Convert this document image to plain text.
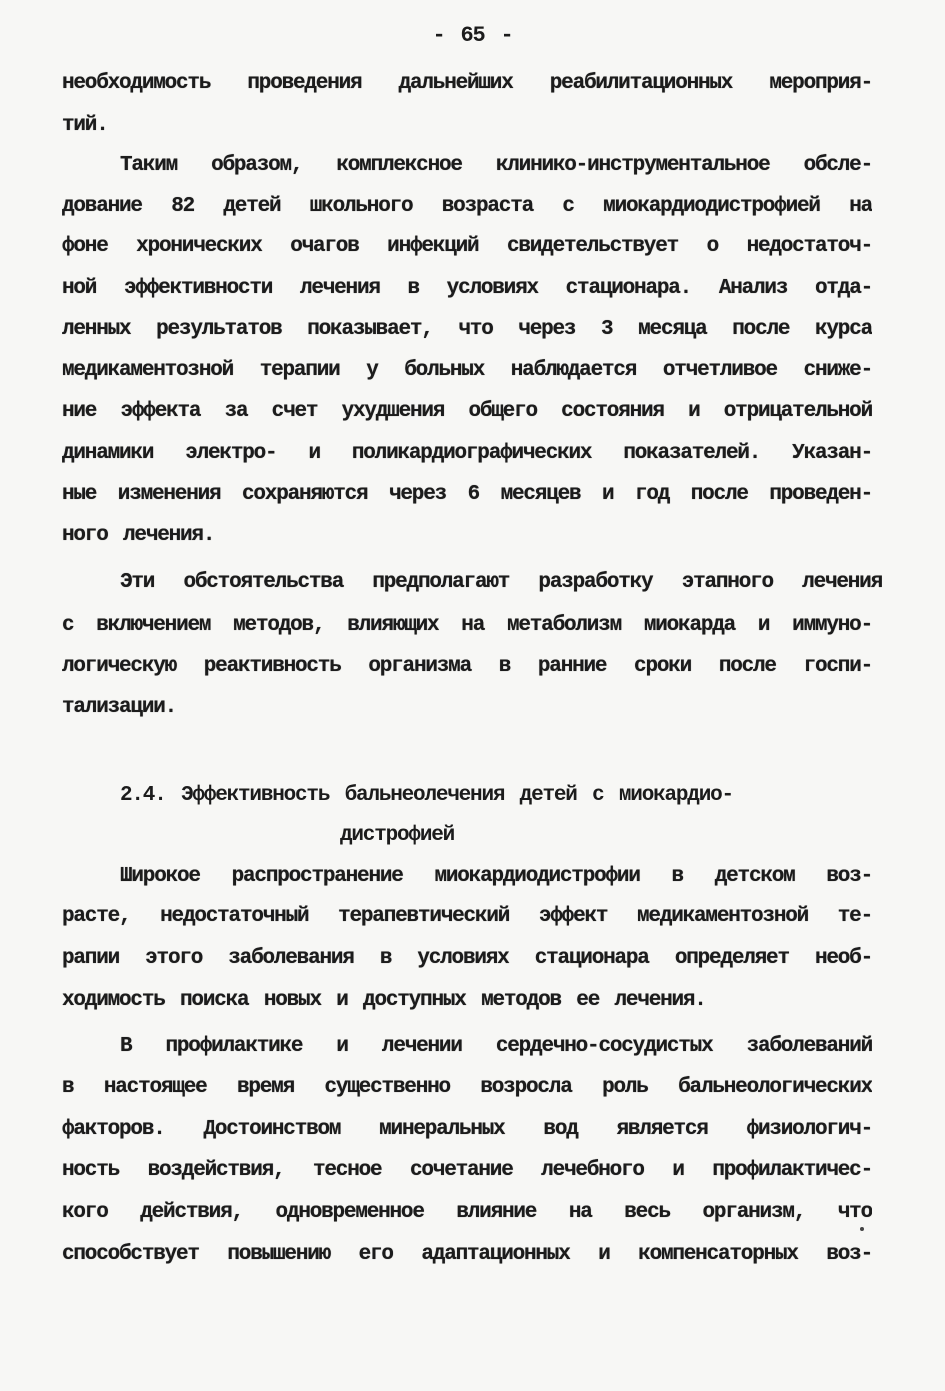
- 65 -
необходимость проведения дальнейших реабилитационных мероприя-
тий.
Таким образом, комплексное клинико-инструментальное обсле-
дование 82 детей школьного возраста с миокардиодистрофией на
фоне хронических очагов инфекций свидетельствует о недостаточ-
ной эффективности лечения в условиях стационара. Анализ отда-
ленных результатов показывает, что через 3 месяца после курса
медикаментозной терапии у больных наблюдается отчетливое сниже-
ние эффекта за счет ухудшения общего состояния и отрицательной
динамики электро- и поликардиографических показателей. Указан-
ные изменения сохраняются через 6 месяцев и год после проведен-
ного лечения.
Эти обстоятельства предполагают разработку этапного лечения
с включением методов, влияющих на метаболизм миокарда и иммуно-
логическую реактивность организма в ранние сроки после госпи-
тализации.
2.4. Эффективность бальнеолечения детей с миокардио-
дистрофией
Широкое распространение миокардиодистрофии в детском воз-
расте, недостаточный терапевтический эффект медикаментозной те-
рапии этого заболевания в условиях стационара определяет необ-
ходимость поиска новых и доступных методов ее лечения.
В профилактике и лечении сердечно-сосудистых заболеваний
в настоящее время существенно возросла роль бальнеологических
факторов. Достоинством минеральных вод является физиологич-
ность воздействия, тесное сочетание лечебного и профилактичес-
кого действия, одновременное влияние на весь организм, что
способствует повышению его адаптационных и компенсаторных воз-
